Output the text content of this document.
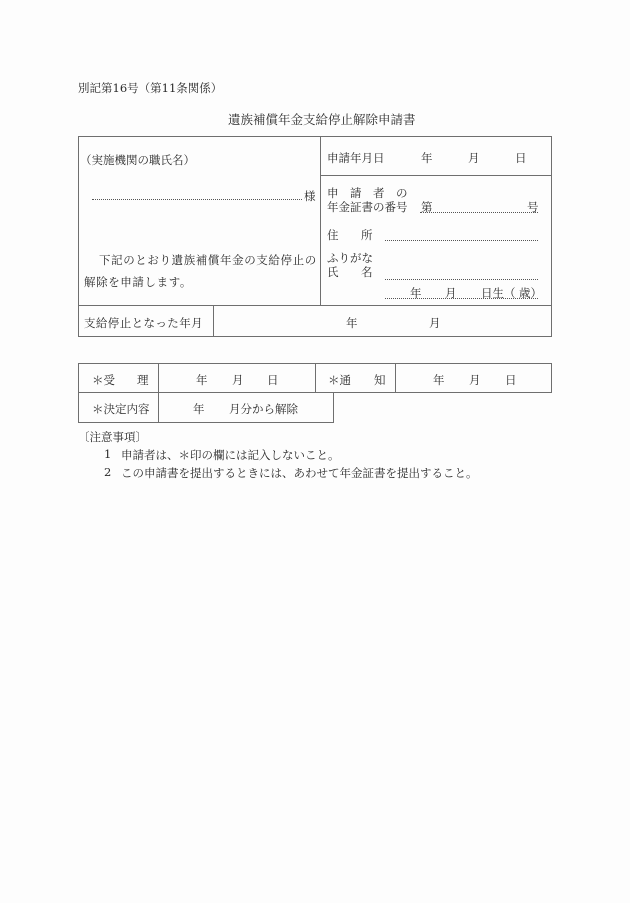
別記第16号（第11条関係）
遺族補償年金支給停止解除申請書
（実施機関の職氏名）
様
下記のとおり遺族補償年金の支給停止の
解除を申請します。
申請年月日	年	月	日
申　請　者　の
年金証書の番号 第	号
住 所
ふりがな
氏 名
年 月 日生（ 歳）
支給停止となった年月	年	月
＊受 理	年 月 日	＊通 知	年 月 日
＊決定内容	年 月分から解除
〔注意事項〕
1 申請者は、＊印の欄には記入しないこと。
2 この申請書を提出するときには、あわせて年金証書を提出すること。
